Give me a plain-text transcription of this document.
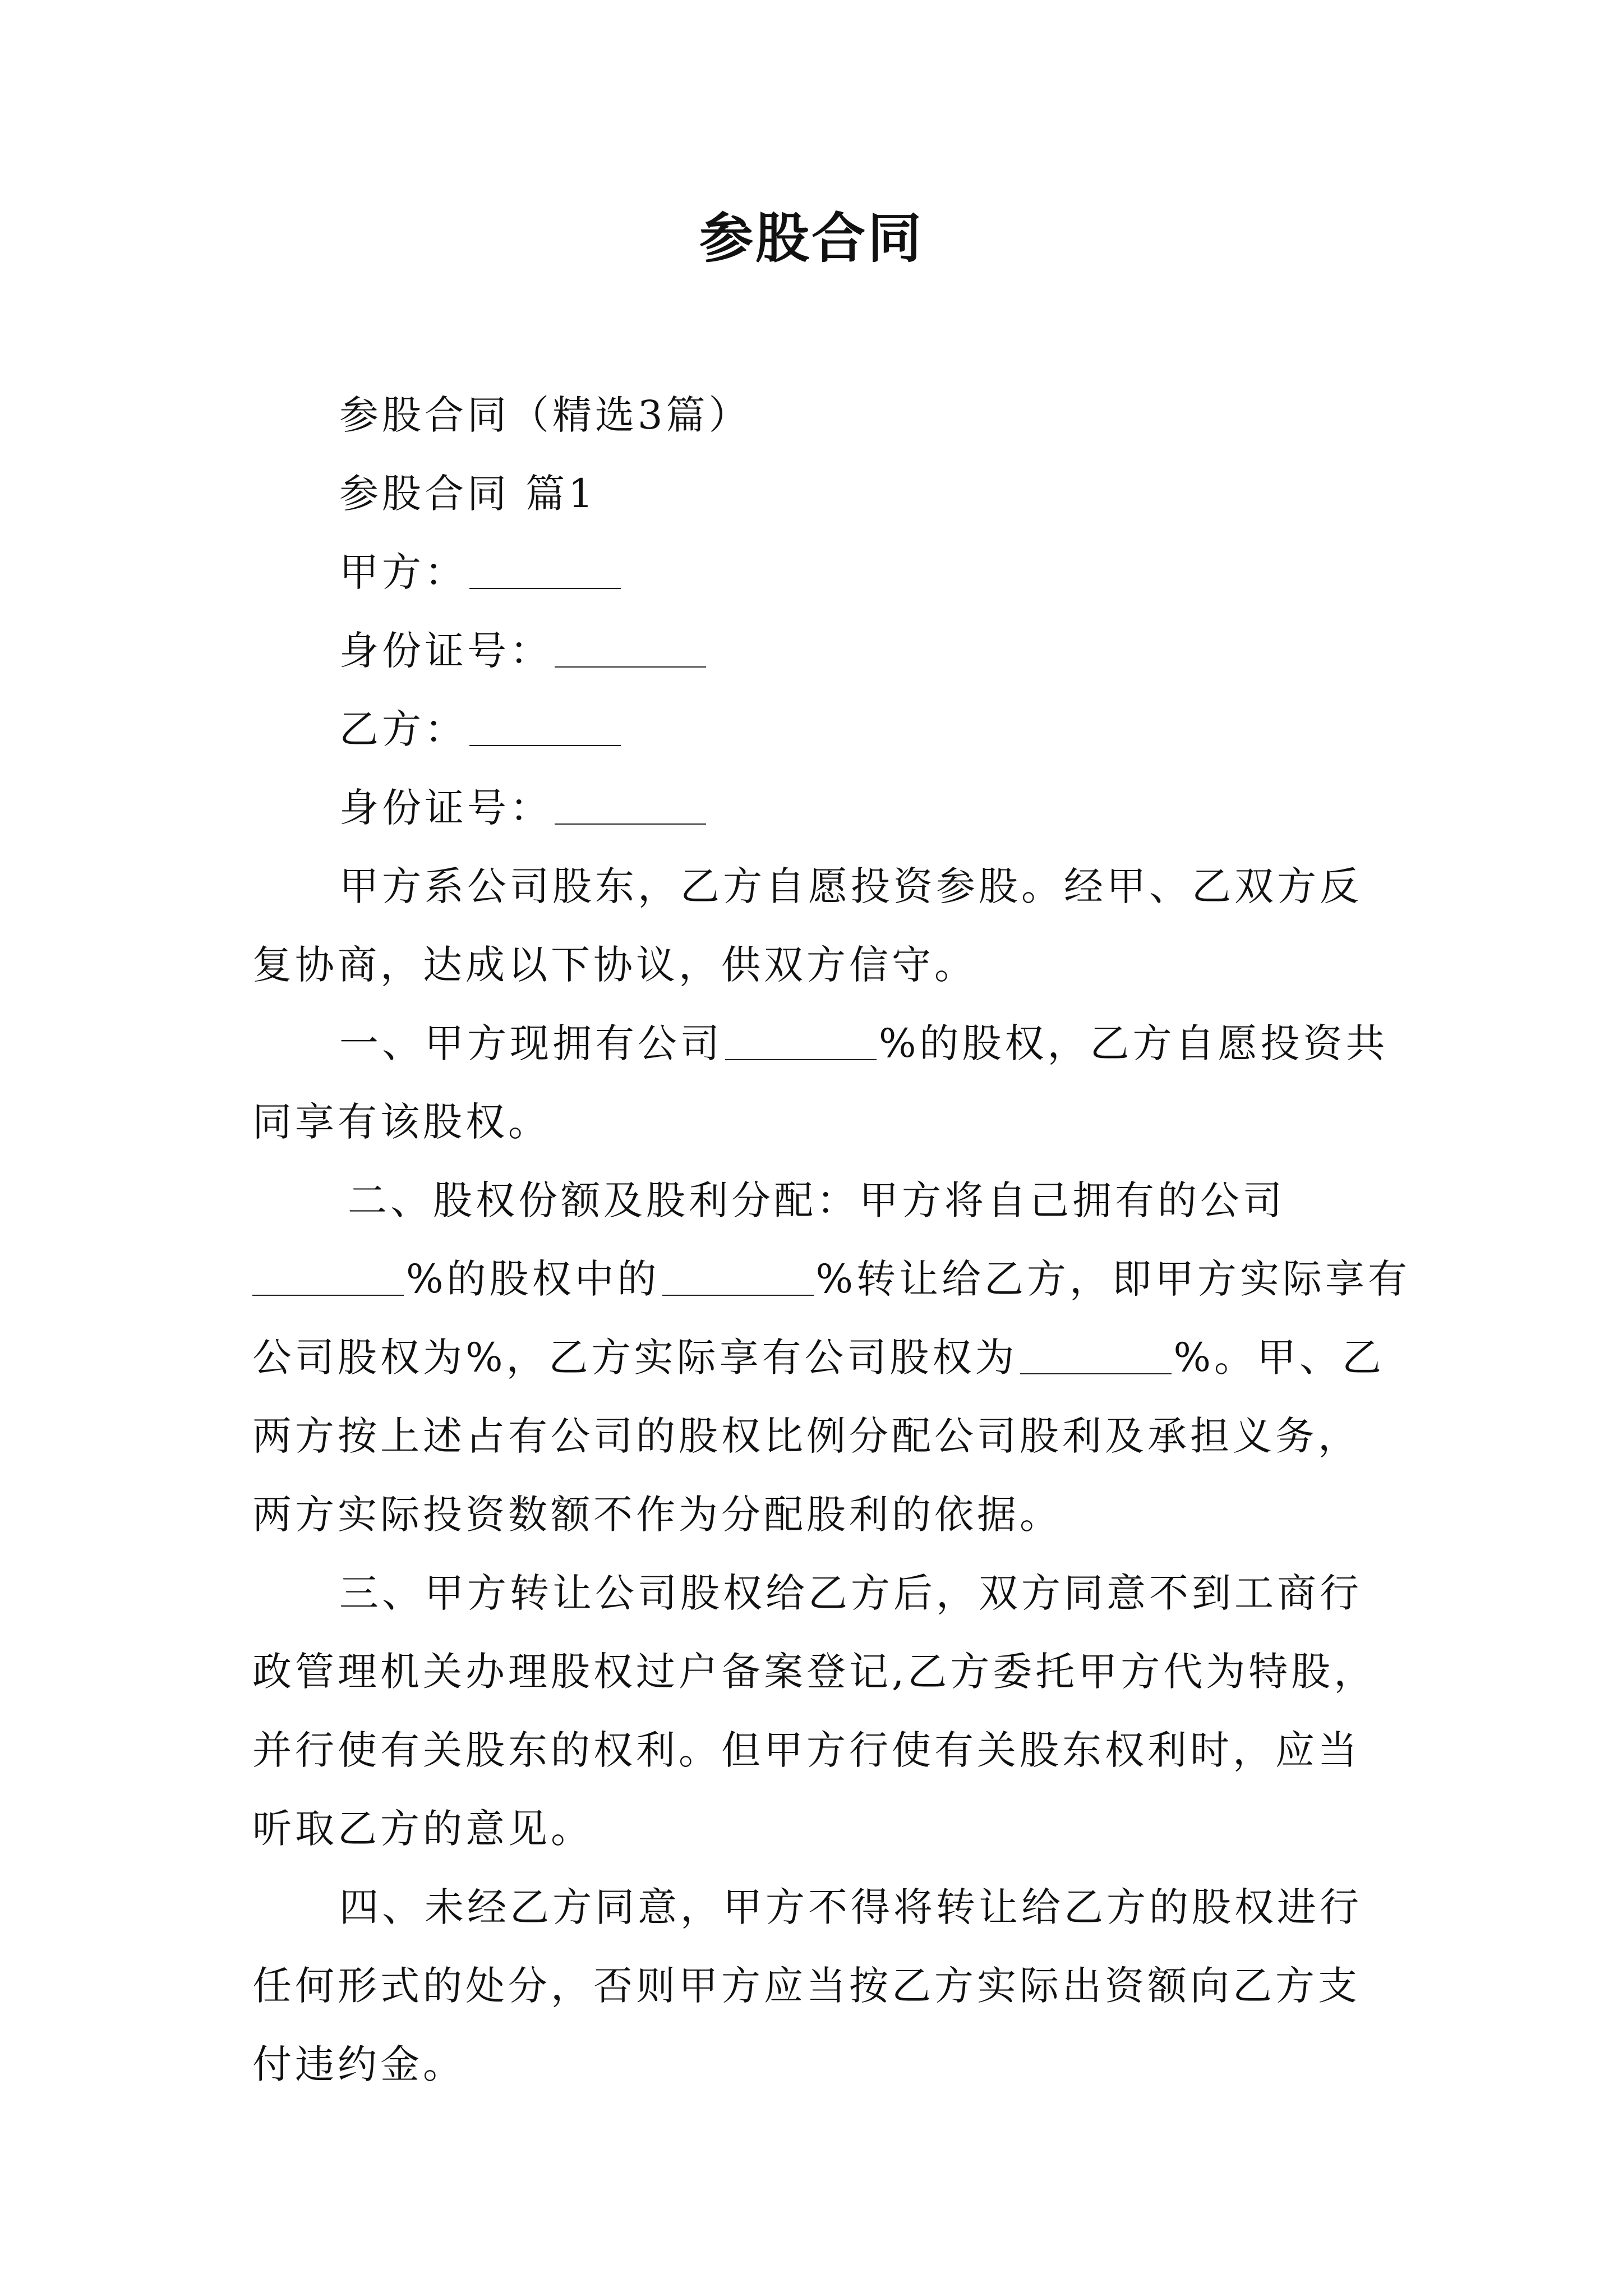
参股合同
参股合同（精选3篇）
参股合同 篇1
甲方：
身份证号：
乙方：
身份证号：
甲方系公司股东，乙方自愿投资参股。经甲、乙双方反
复协商，达成以下协议，供双方信守。
一、甲方现拥有公司	%的股权，乙方自愿投资共
同享有该股权。
二、股权份额及股利分配：甲方将自己拥有的公司
%的股权中的	%转让给乙方，即甲方实际享有
公司股权为%，乙方实际享有公司股权为	%。甲、乙
两方按上述占有公司的股权比例分配公司股利及承担义务，
两方实际投资数额不作为分配股利的依据。
三、甲方转让公司股权给乙方后，双方同意不到工商行
政管理机关办理股权过户备案登记,乙方委托甲方代为特股，
并行使有关股东的权利。但甲方行使有关股东权利时，应当
听取乙方的意见。
四、未经乙方同意，甲方不得将转让给乙方的股权进行
任何形式的处分，否则甲方应当按乙方实际出资额向乙方支
付违约金。
